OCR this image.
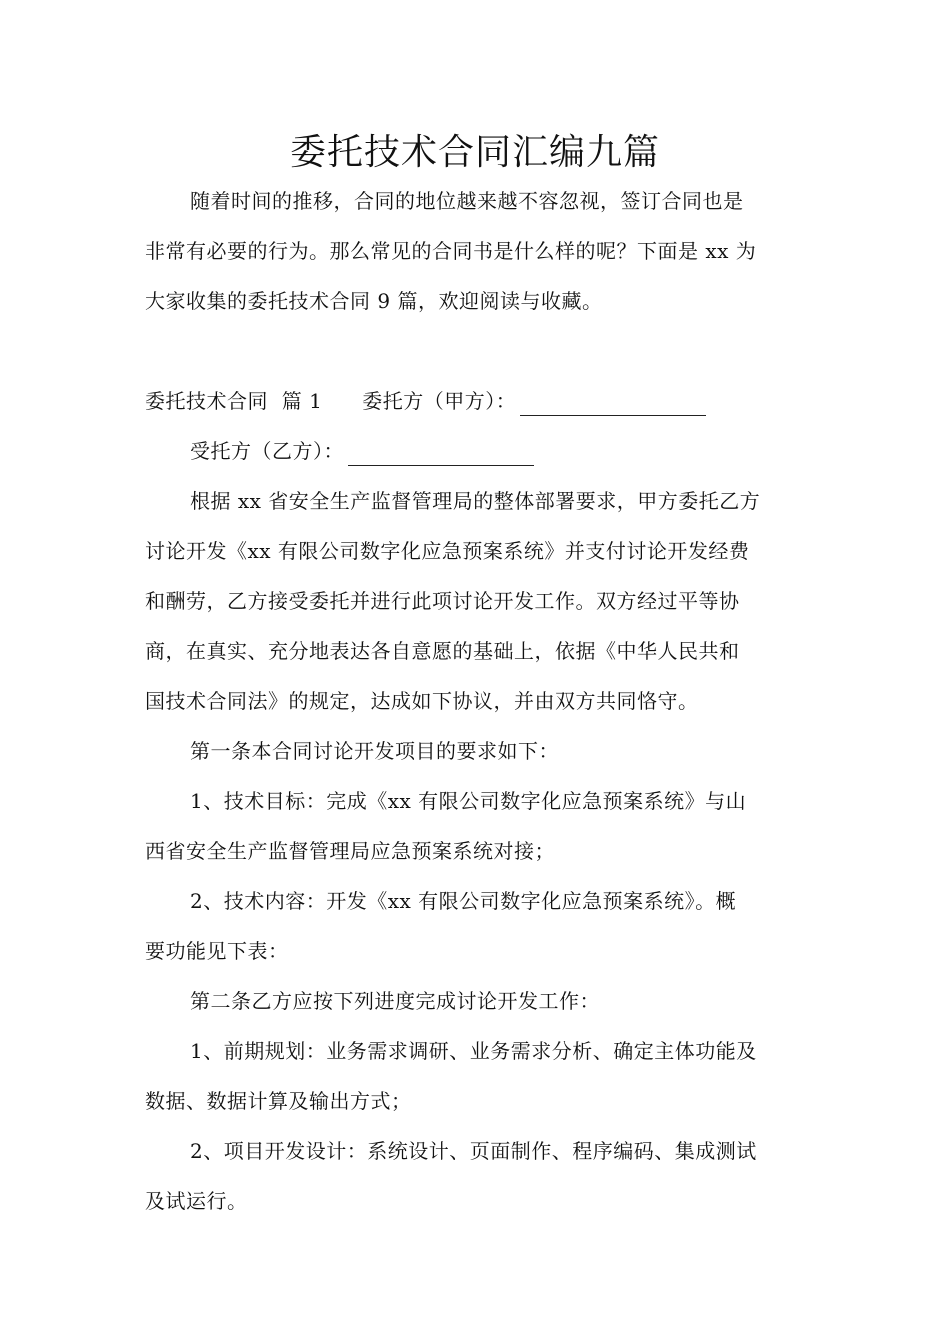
委托技术合同汇编九篇
随着时间的推移，合同的地位越来越不容忽视，签订合同也是
非常有必要的行为。那么常见的合同书是什么样的呢？下面是 xx 为
大家收集的委托技术合同 9 篇，欢迎阅读与收藏。
委托技术合同  篇 1 委托方（甲方）：
受托方（乙方）：
根据 xx 省安全生产监督管理局的整体部署要求，甲方委托乙方
讨论开发《xx 有限公司数字化应急预案系统》并支付讨论开发经费
和酬劳，乙方接受委托并进行此项讨论开发工作。双方经过平等协
商，在真实、充分地表达各自意愿的基础上，依据《中华人民共和
国技术合同法》的规定，达成如下协议，并由双方共同恪守。
第一条本合同讨论开发项目的要求如下：
1、技术目标：完成《xx 有限公司数字化应急预案系统》与山
西省安全生产监督管理局应急预案系统对接；
2、技术内容：开发《xx 有限公司数字化应急预案系统》。概
要功能见下表：
第二条乙方应按下列进度完成讨论开发工作：
1、前期规划：业务需求调研、业务需求分析、确定主体功能及
数据、数据计算及输出方式；
2、项目开发设计：系统设计、页面制作、程序编码、集成测试
及试运行。
